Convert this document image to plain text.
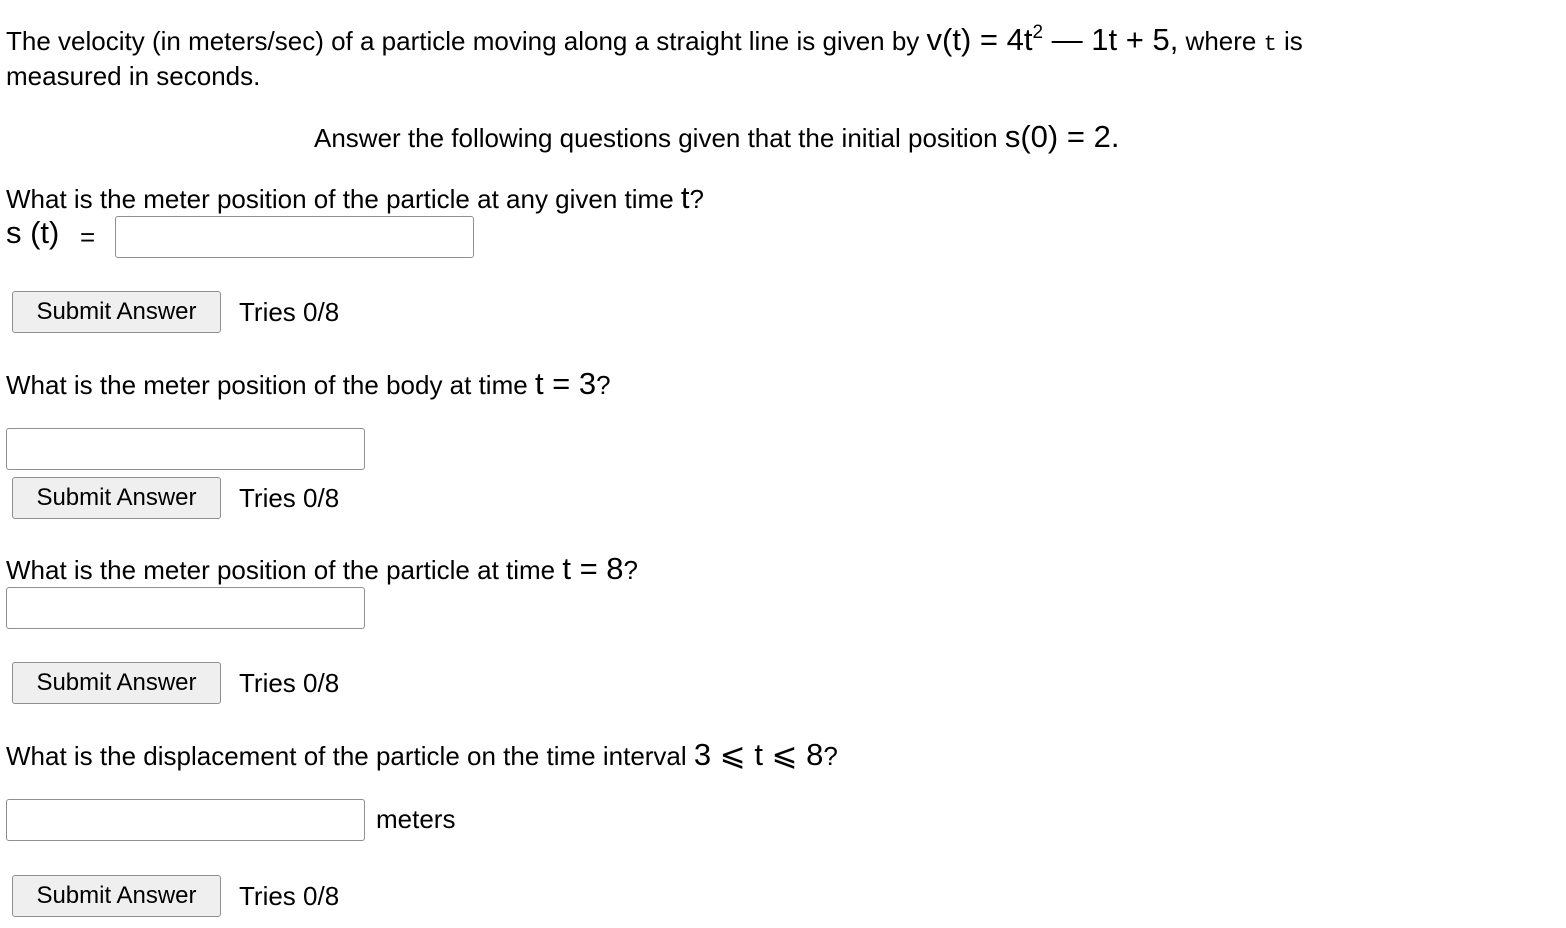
The velocity (in meters/sec) of a particle moving along a straight line is given by $v(t) = 4t^2$ — 1t + 5, where t is
measured in seconds.
Answer the following questions given that the initial position s(0) = 2.
What is the meter position of the particle at any given time t?
s (t) =
Submit Answer	Tries 0/8
What is the meter position of the body at time t = 3?
Submit Answer	Tries 0/8
What is the meter position of the particle at time t = 8?
Submit Answer	Tries 0/8
What is the displacement of the particle on the time interval 3 ⩽ t ⩽ 8?
meters
Submit Answer	Tries 0/8
